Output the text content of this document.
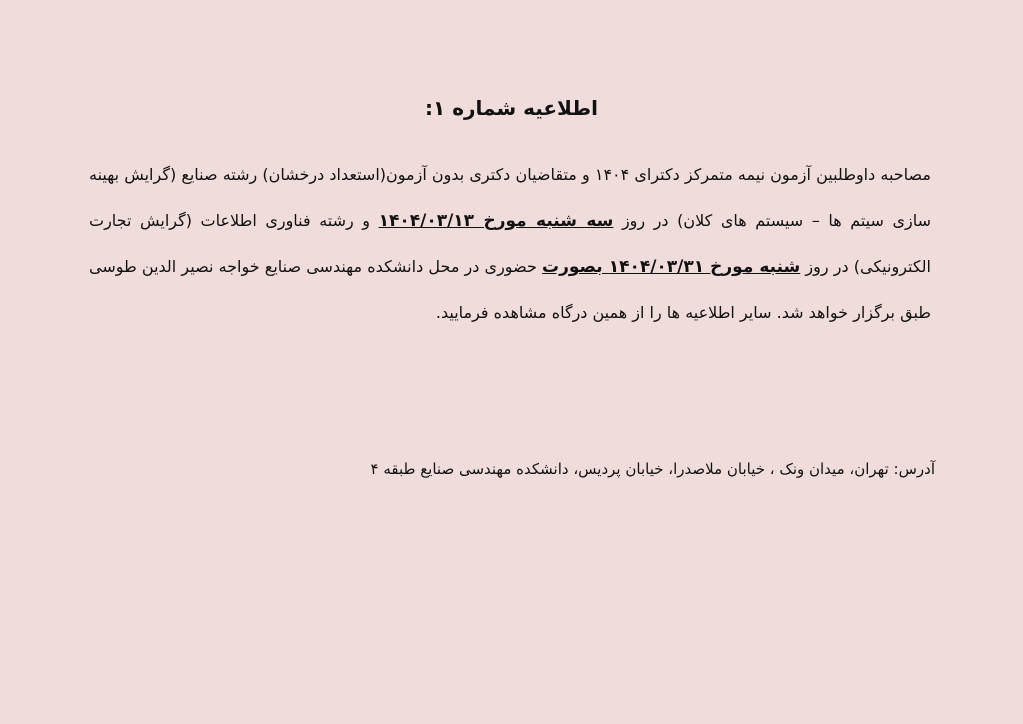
اطلاعیه شماره ۱:

مصاحبه داوطلبین آزمون نیمه متمرکز دکترای ۱۴۰۴ و متقاضیان دکتری بدون آزمون(استعداد درخشان) رشته صنایع (گرایش بهینه سازی سیتم ها – سیستم های کلان) در روز سه شنبه مورخ ۱۴۰۴/۰۳/۱۳ و رشته فناوری اطلاعات (گرایش تجارت الکترونیکی) در روز شنبه مورخ ۱۴۰۴/۰۳/۳۱ بصورت حضوری در محل دانشکده مهندسی صنایع خواجه نصیر الدین طوسی طبق برگزار خواهد شد. سایر اطلاعیه ها را از همین درگاه مشاهده فرمایید.

آدرس: تهران، میدان ونک ، خیابان ملاصدرا، خیابان پردیس، دانشکده مهندسی صنایع طبقه ۴
